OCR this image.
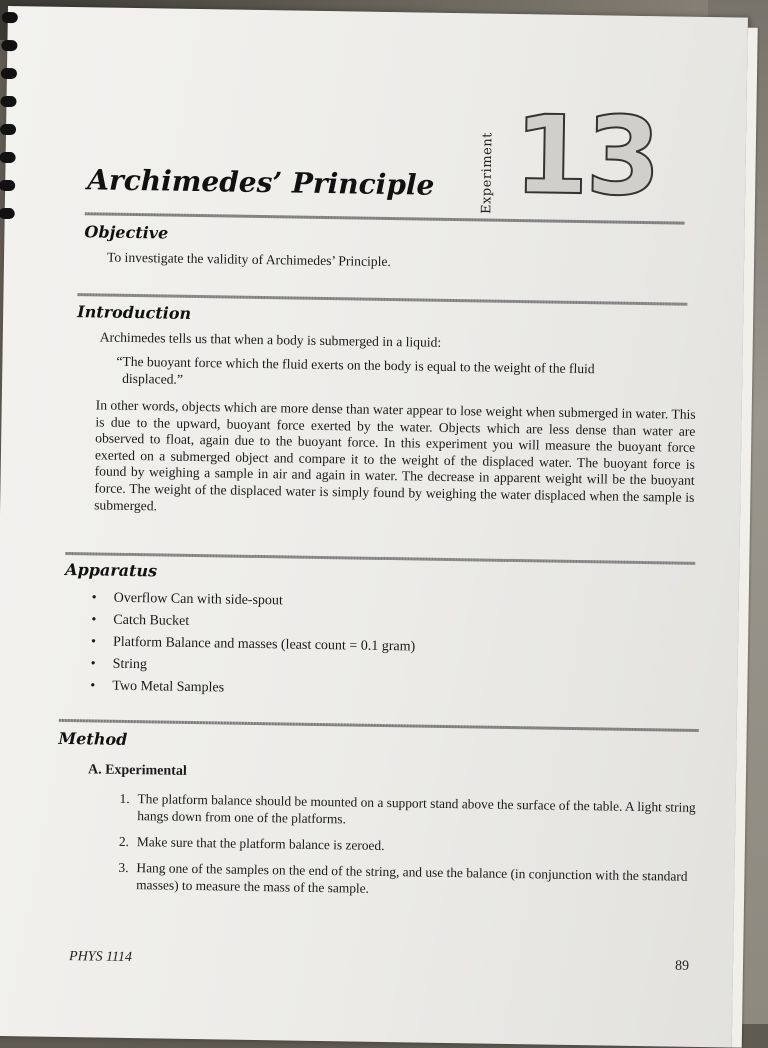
Archimedes’ Principle	Experiment 13
Objective
To investigate the validity of Archimedes’ Principle.
Introduction
Archimedes tells us that when a body is submerged in a liquid:
“The buoyant force which the fluid exerts on the body is equal to the weight of the fluid displaced.”
In other words, objects which are more dense than water appear to lose weight when submerged in water. This is due to the upward, buoyant force exerted by the water. Objects which are less dense than water are observed to float, again due to the buoyant force. In this experiment you will measure the buoyant force exerted on a submerged object and compare it to the weight of the displaced water. The buoyant force is found by weighing a sample in air and again in water. The decrease in apparent weight will be the buoyant force. The weight of the displaced water is simply found by weighing the water displaced when the sample is submerged.
Apparatus
• Overflow Can with side-spout
• Catch Bucket
• Platform Balance and masses (least count = 0.1 gram)
• String
• Two Metal Samples
Method
A. Experimental
1. The platform balance should be mounted on a support stand above the surface of the table. A light string hangs down from one of the platforms.
2. Make sure that the platform balance is zeroed.
3. Hang one of the samples on the end of the string, and use the balance (in conjunction with the standard masses) to measure the mass of the sample.
PHYS 1114
89
